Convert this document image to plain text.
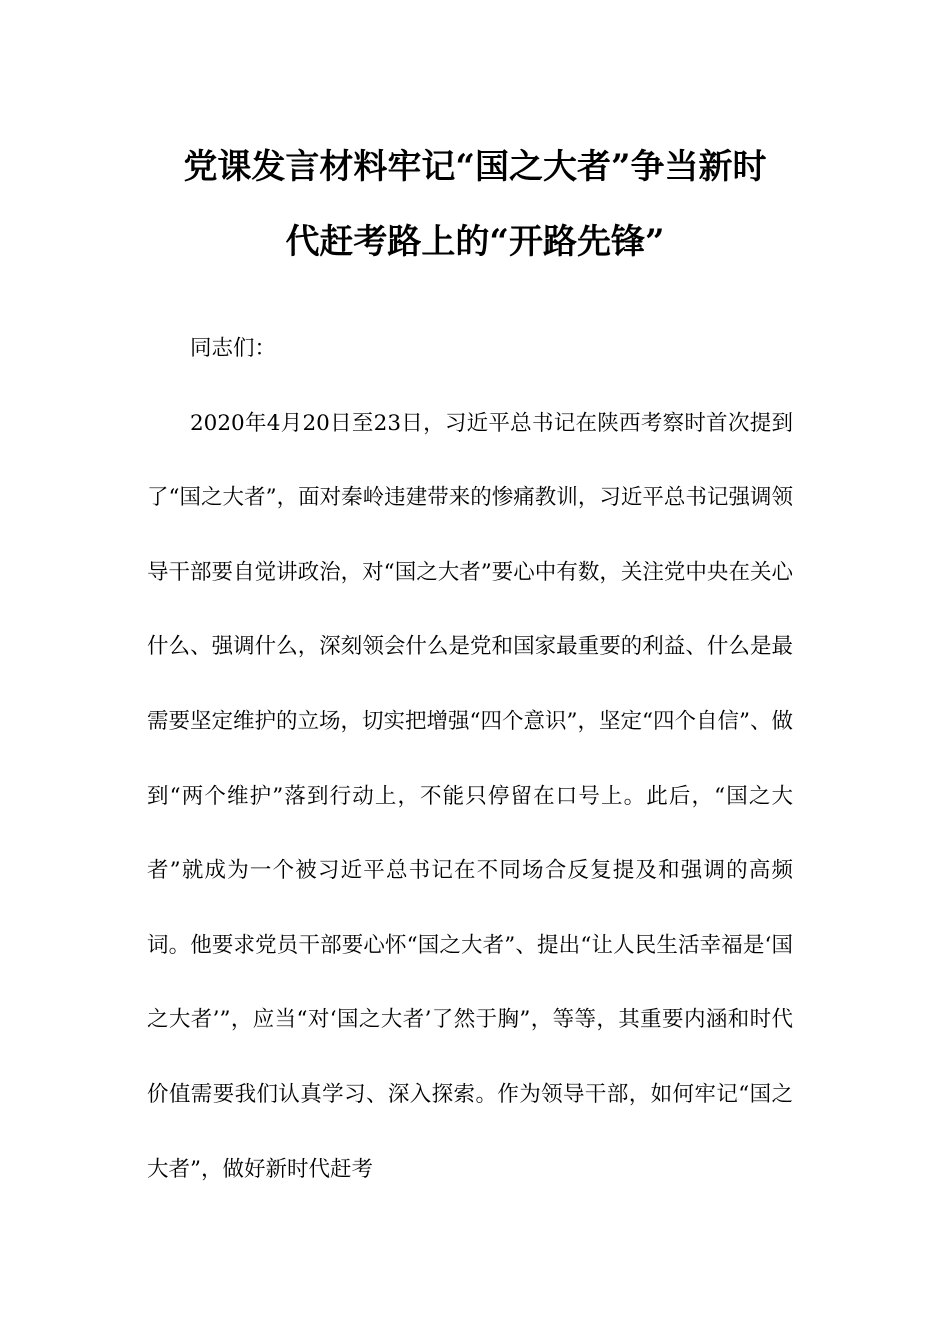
党课发言材料牢记“国之大者”争当新时
代赶考路上的“开路先锋”

同志们：

2020年4月20日至23日，习近平总书记在陕西考察时首次提到了“国之大者”，面对秦岭违建带来的惨痛教训，习近平总书记强调领导干部要自觉讲政治，对“国之大者”要心中有数，关注党中央在关心什么、强调什么，深刻领会什么是党和国家最重要的利益、什么是最需要坚定维护的立场，切实把增强“四个意识”，坚定“四个自信”、做到“两个维护”落到行动上，不能只停留在口号上。此后，“国之大者”就成为一个被习近平总书记在不同场合反复提及和强调的高频词。他要求党员干部要心怀“国之大者”、提出“让人民生活幸福是‘国之大者’”，应当“对‘国之大者’了然于胸”，等等，其重要内涵和时代价值需要我们认真学习、深入探索。作为领导干部，如何牢记“国之大者”，做好新时代赶考
